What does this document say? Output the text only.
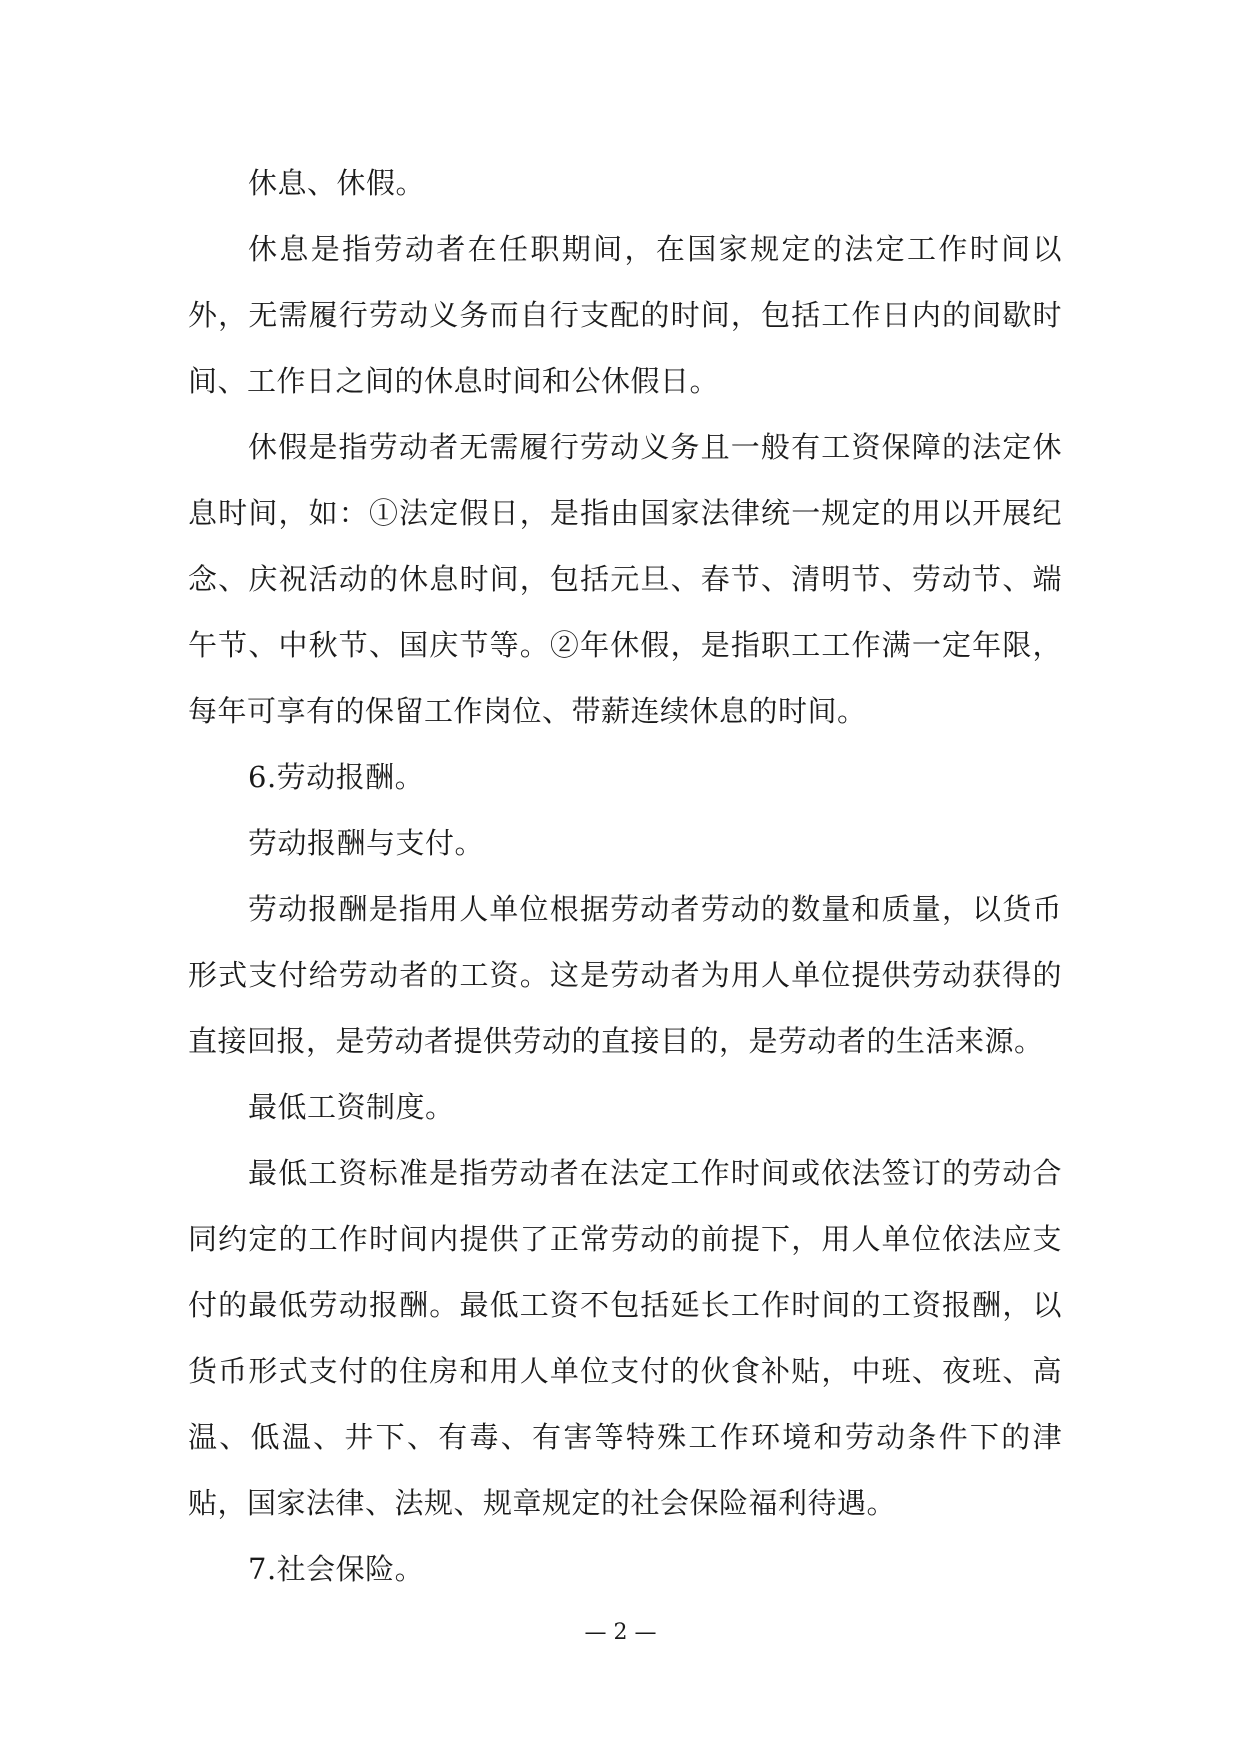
休息、休假。

休息是指劳动者在任职期间，在国家规定的法定工作时间以外，无需履行劳动义务而自行支配的时间，包括工作日内的间歇时间、工作日之间的休息时间和公休假日。

休假是指劳动者无需履行劳动义务且一般有工资保障的法定休息时间，如：①法定假日，是指由国家法律统一规定的用以开展纪念、庆祝活动的休息时间，包括元旦、春节、清明节、劳动节、端午节、中秋节、国庆节等。②年休假，是指职工工作满一定年限，每年可享有的保留工作岗位、带薪连续休息的时间。

6.劳动报酬。

劳动报酬与支付。

劳动报酬是指用人单位根据劳动者劳动的数量和质量，以货币形式支付给劳动者的工资。这是劳动者为用人单位提供劳动获得的直接回报，是劳动者提供劳动的直接目的，是劳动者的生活来源。

最低工资制度。

最低工资标准是指劳动者在法定工作时间或依法签订的劳动合同约定的工作时间内提供了正常劳动的前提下，用人单位依法应支付的最低劳动报酬。最低工资不包括延长工作时间的工资报酬，以货币形式支付的住房和用人单位支付的伙食补贴，中班、夜班、高温、低温、井下、有毒、有害等特殊工作环境和劳动条件下的津贴，国家法律、法规、规章规定的社会保险福利待遇。

7.社会保险。

— 2 —
